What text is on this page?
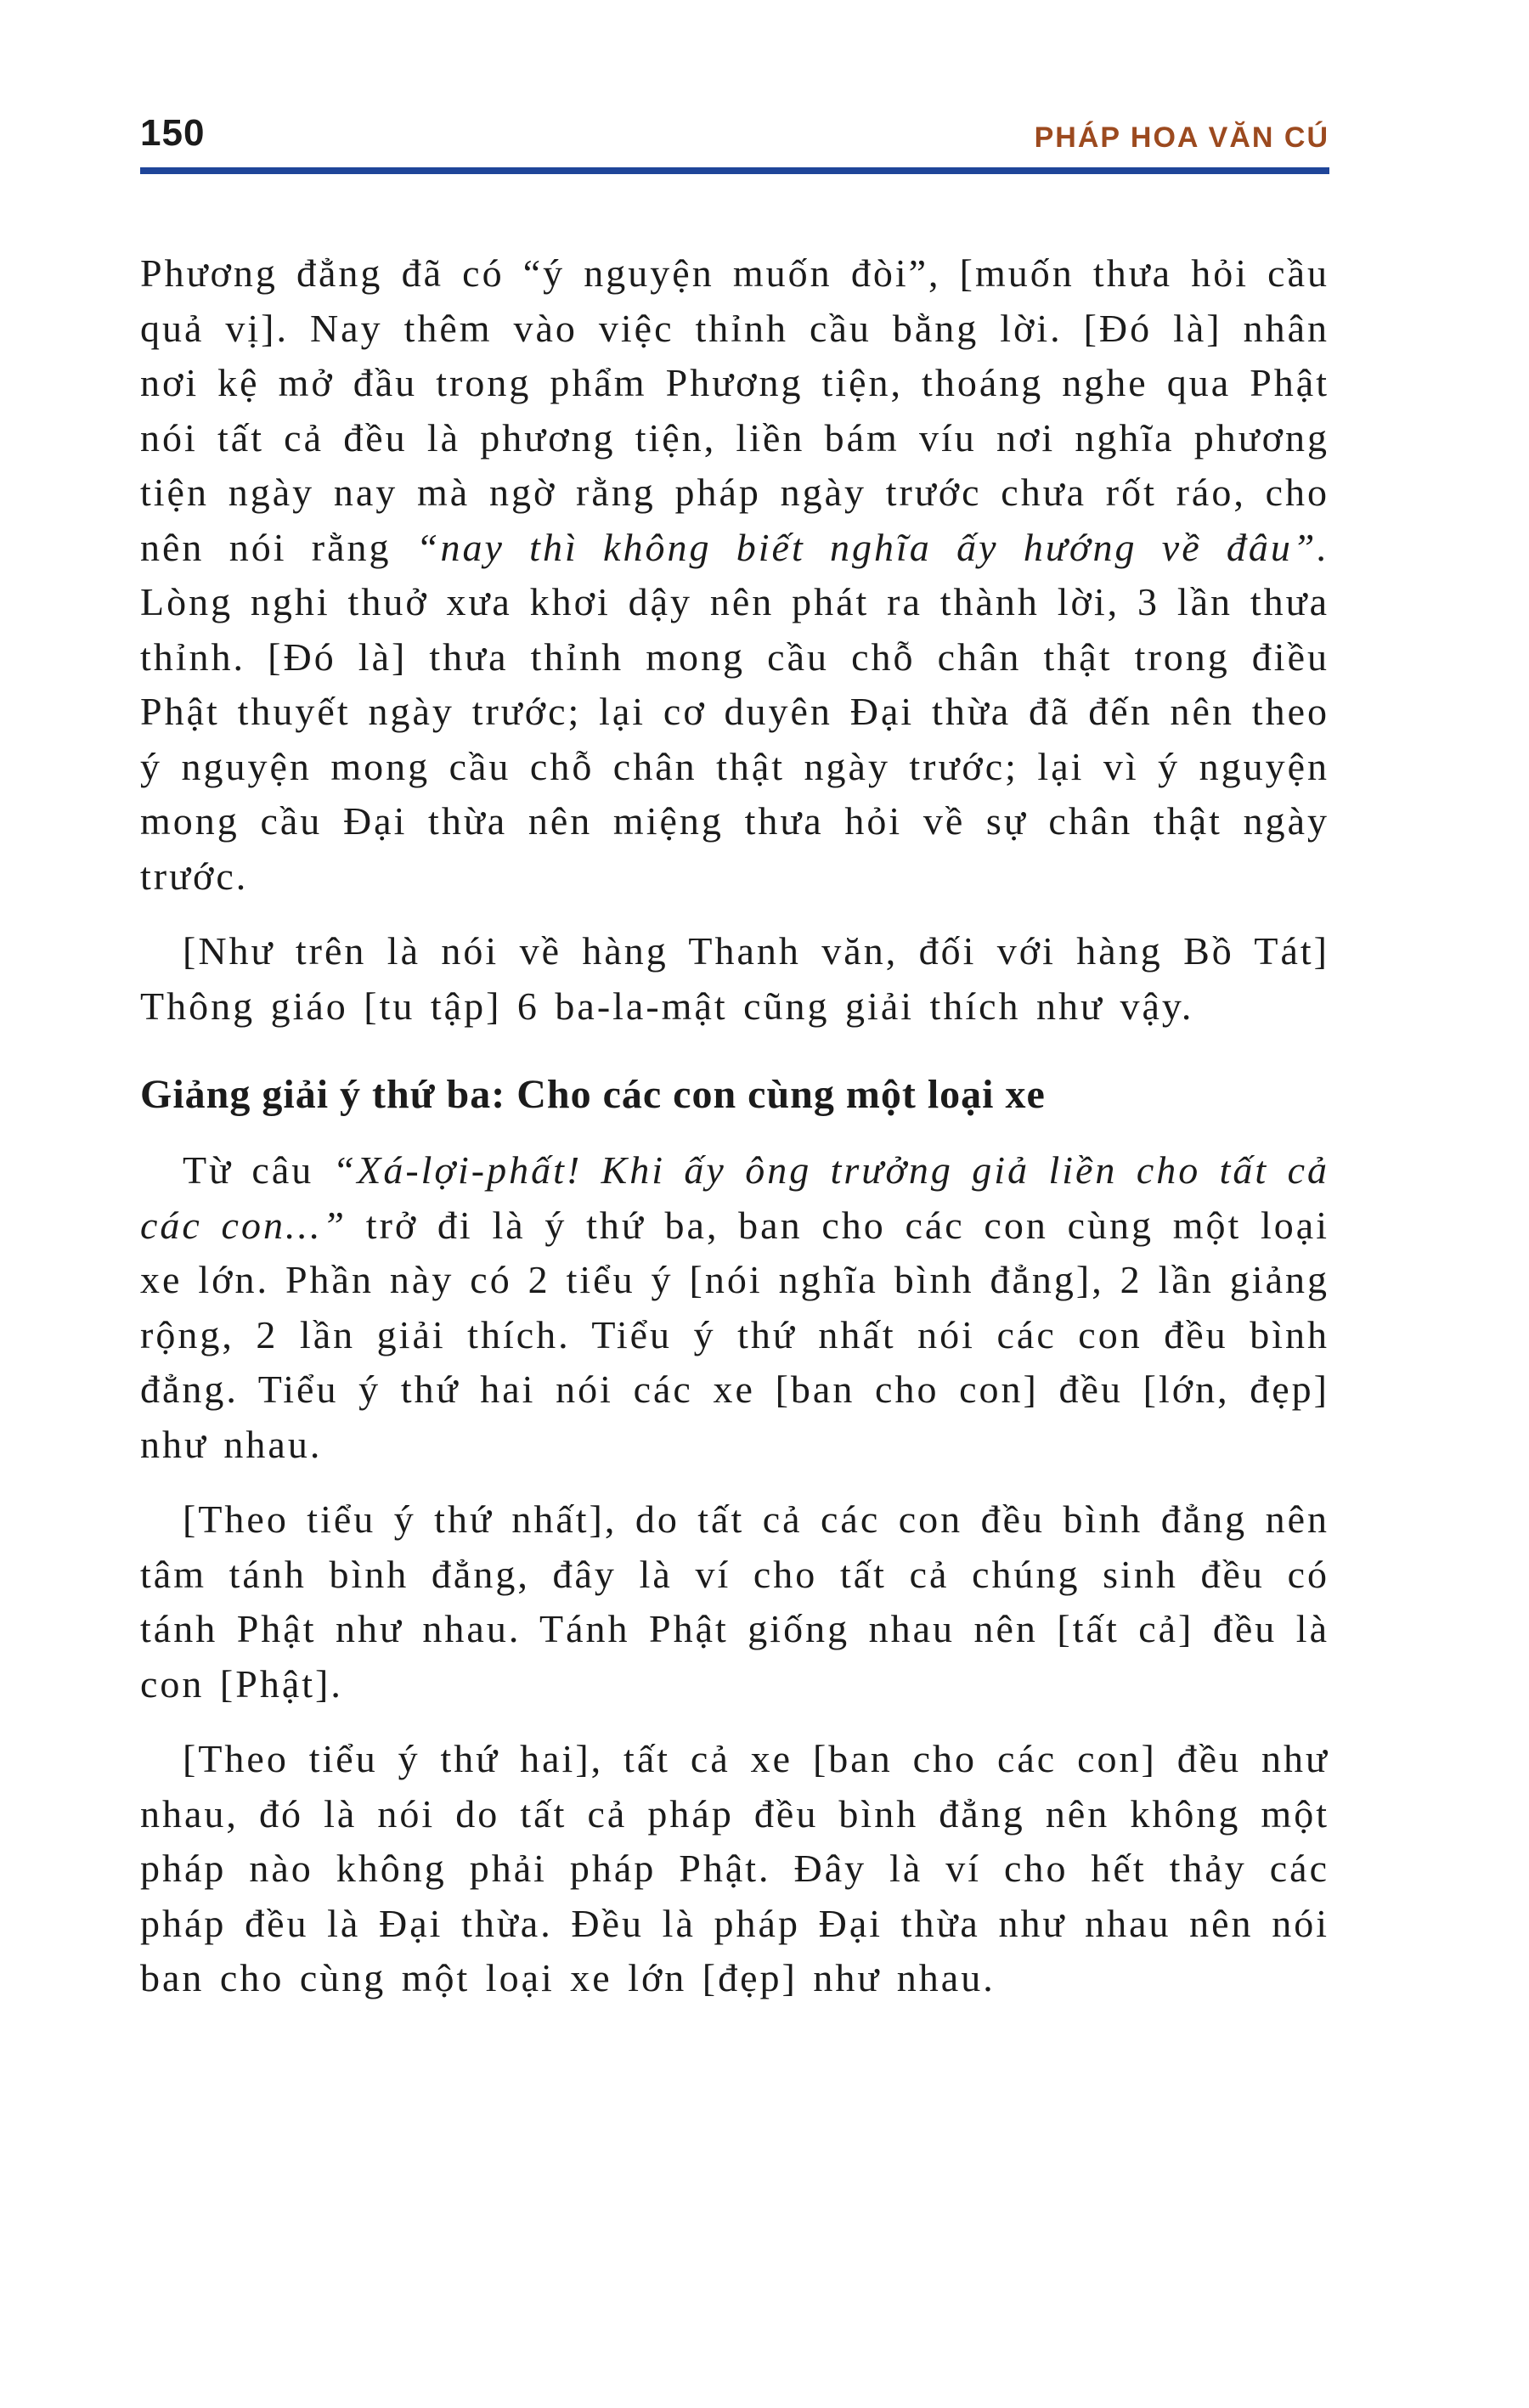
150	PHÁP HOA VĂN CÚ

Phương đẳng đã có “ý nguyện muốn đòi”, [muốn thưa hỏi cầu quả vị]. Nay thêm vào việc thỉnh cầu bằng lời. [Đó là] nhân nơi kệ mở đầu trong phẩm Phương tiện, thoáng nghe qua Phật nói tất cả đều là phương tiện, liền bám víu nơi nghĩa phương tiện ngày nay mà ngờ rằng pháp ngày trước chưa rốt ráo, cho nên nói rằng “nay thì không biết nghĩa ấy hướng về đâu”. Lòng nghi thuở xưa khơi dậy nên phát ra thành lời, 3 lần thưa thỉnh. [Đó là] thưa thỉnh mong cầu chỗ chân thật trong điều Phật thuyết ngày trước; lại cơ duyên Đại thừa đã đến nên theo ý nguyện mong cầu chỗ chân thật ngày trước; lại vì ý nguyện mong cầu Đại thừa nên miệng thưa hỏi về sự chân thật ngày trước.

[Như trên là nói về hàng Thanh văn, đối với hàng Bồ Tát] Thông giáo [tu tập] 6 ba-la-mật cũng giải thích như vậy.

Giảng giải ý thứ ba: Cho các con cùng một loại xe

Từ câu “Xá-lợi-phất! Khi ấy ông trưởng giả liền cho tất cả các con...” trở đi là ý thứ ba, ban cho các con cùng một loại xe lớn. Phần này có 2 tiểu ý [nói nghĩa bình đẳng], 2 lần giảng rộng, 2 lần giải thích. Tiểu ý thứ nhất nói các con đều bình đẳng. Tiểu ý thứ hai nói các xe [ban cho con] đều [lớn, đẹp] như nhau.

[Theo tiểu ý thứ nhất], do tất cả các con đều bình đẳng nên tâm tánh bình đẳng, đây là ví cho tất cả chúng sinh đều có tánh Phật như nhau. Tánh Phật giống nhau nên [tất cả] đều là con [Phật].

[Theo tiểu ý thứ hai], tất cả xe [ban cho các con] đều như nhau, đó là nói do tất cả pháp đều bình đẳng nên không một pháp nào không phải pháp Phật. Đây là ví cho hết thảy các pháp đều là Đại thừa. Đều là pháp Đại thừa như nhau nên nói ban cho cùng một loại xe lớn [đẹp] như nhau.
